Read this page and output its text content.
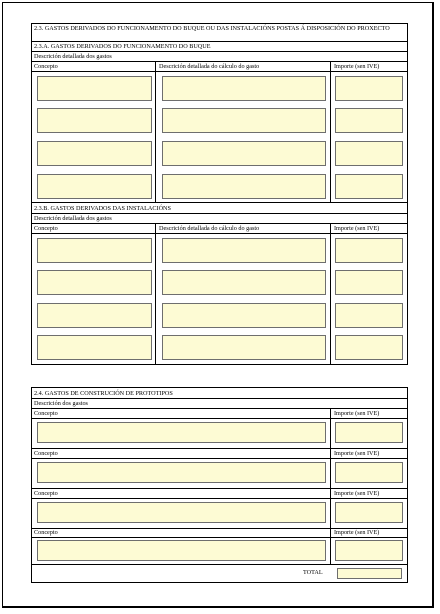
2.3. GASTOS DERIVADOS DO FUNCIONAMENTO DO BUQUE OU DAS INSTALACIÓNS POSTAS Á DISPOSICIÓN DO PROXECTO
2.3.A. GASTOS DERIVADOS DO FUNCIONAMENTO DO BUQUE
Descrición detallada dos gastos
Concepto	Descrición detallada do cálculo do gasto	Importe (sen IVE)
2.3.B. GASTOS DERIVADOS DAS INSTALACIÓNS
Descrición detallada dos gastos
Concepto	Descrición detallada do cálculo do gasto	Importe (sen IVE)
2.4. GASTOS DE CONSTRUCIÓN DE PROTOTIPOS
Descrición dos gastos
Concepto	Importe (sen IVE)
Concepto	Importe (sen IVE)
Concepto	Importe (sen IVE)
Concepto	Importe (sen IVE)
TOTAL
